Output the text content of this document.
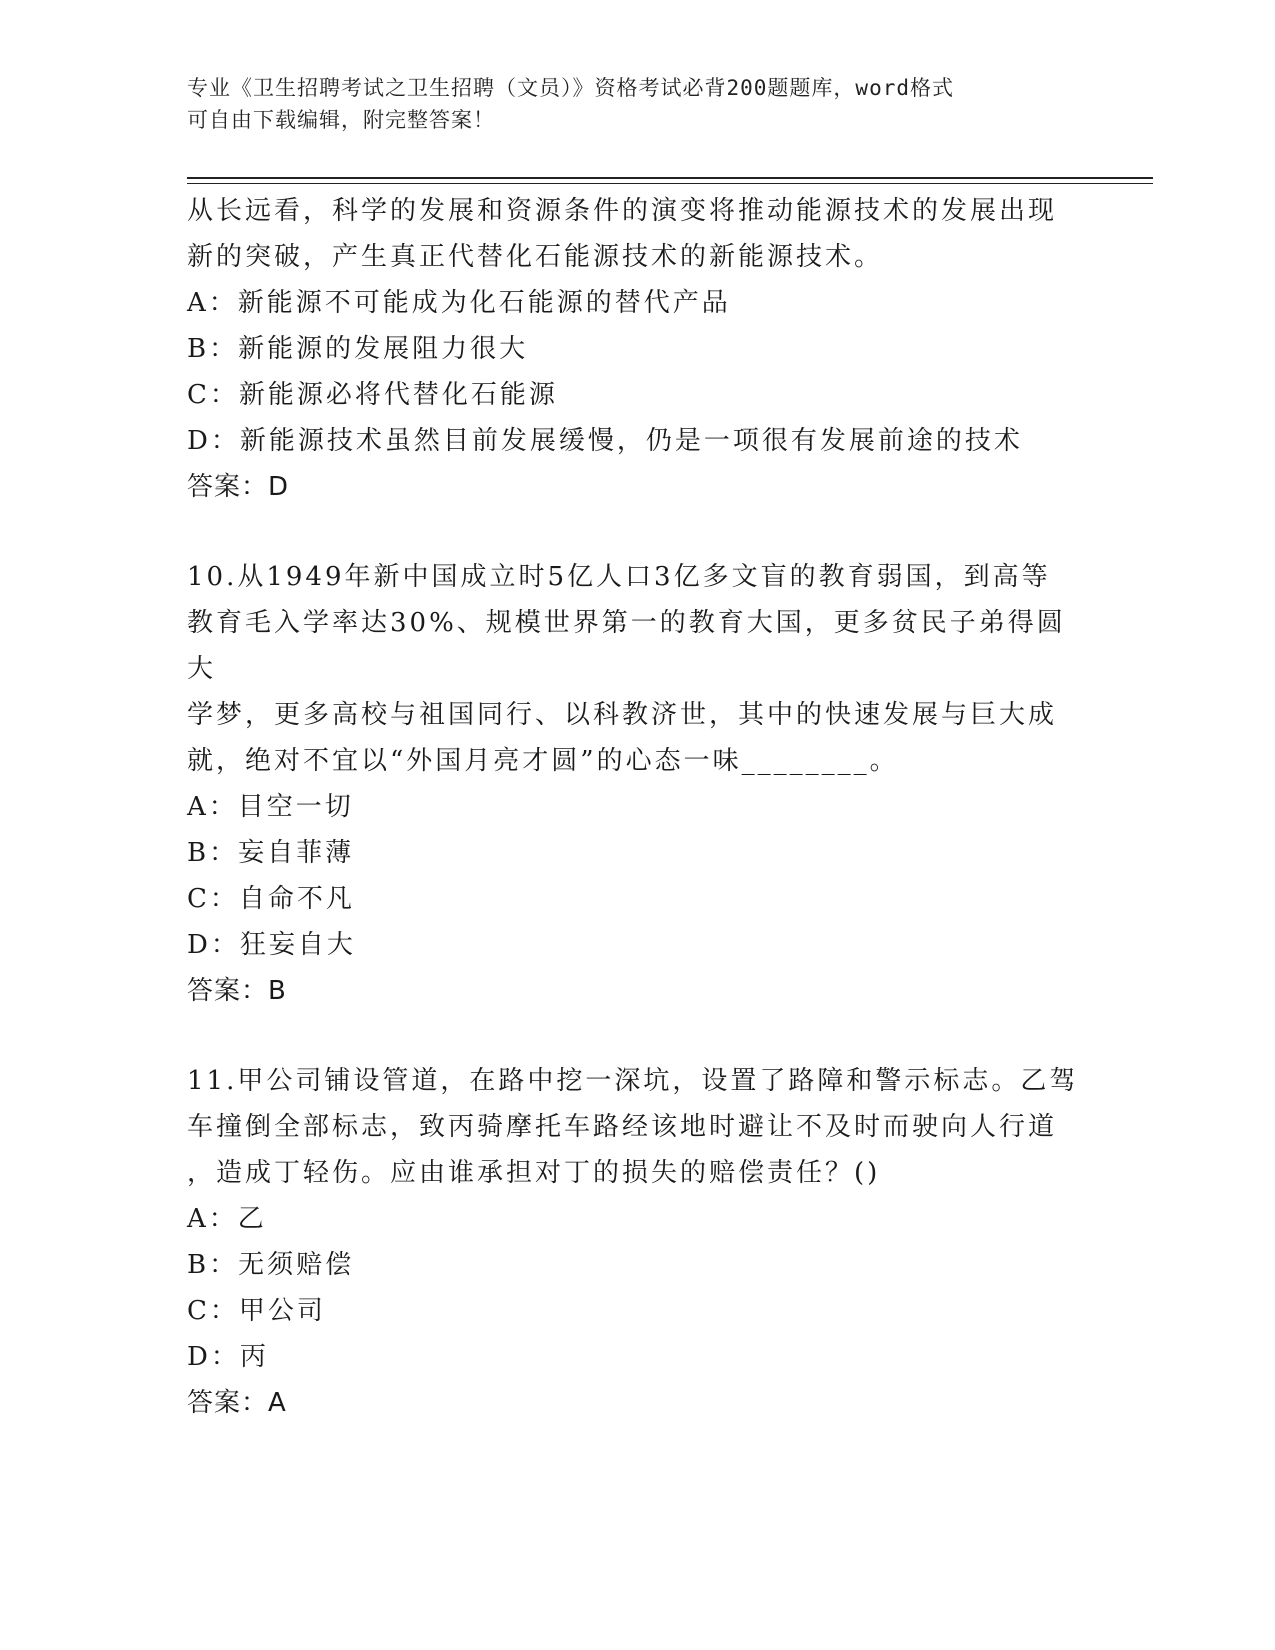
专业《卫生招聘考试之卫生招聘（文员）》资格考试必背200题题库，word格式
可自由下载编辑，附完整答案！

从长远看，科学的发展和资源条件的演变将推动能源技术的发展出现

新的突破，产生真正代替化石能源技术的新能源技术。

A：新能源不可能成为化石能源的替代产品

B：新能源的发展阻力很大

C：新能源必将代替化石能源

D：新能源技术虽然目前发展缓慢，仍是一项很有发展前途的技术

答案：D

10.从1949年新中国成立时5亿人口3亿多文盲的教育弱国，到高等

教育毛入学率达30%、规模世界第一的教育大国，更多贫民子弟得圆大

学梦，更多高校与祖国同行、以科教济世，其中的快速发展与巨大成

就，绝对不宜以“外国月亮才圆”的心态一味________。

A：目空一切

B：妄自菲薄

C：自命不凡

D：狂妄自大

答案：B

11.甲公司铺设管道，在路中挖一深坑，设置了路障和警示标志。乙驾

车撞倒全部标志，致丙骑摩托车路经该地时避让不及时而驶向人行道

，造成丁轻伤。应由谁承担对丁的损失的赔偿责任？()

A：乙

B：无须赔偿

C：甲公司

D：丙

答案：A
